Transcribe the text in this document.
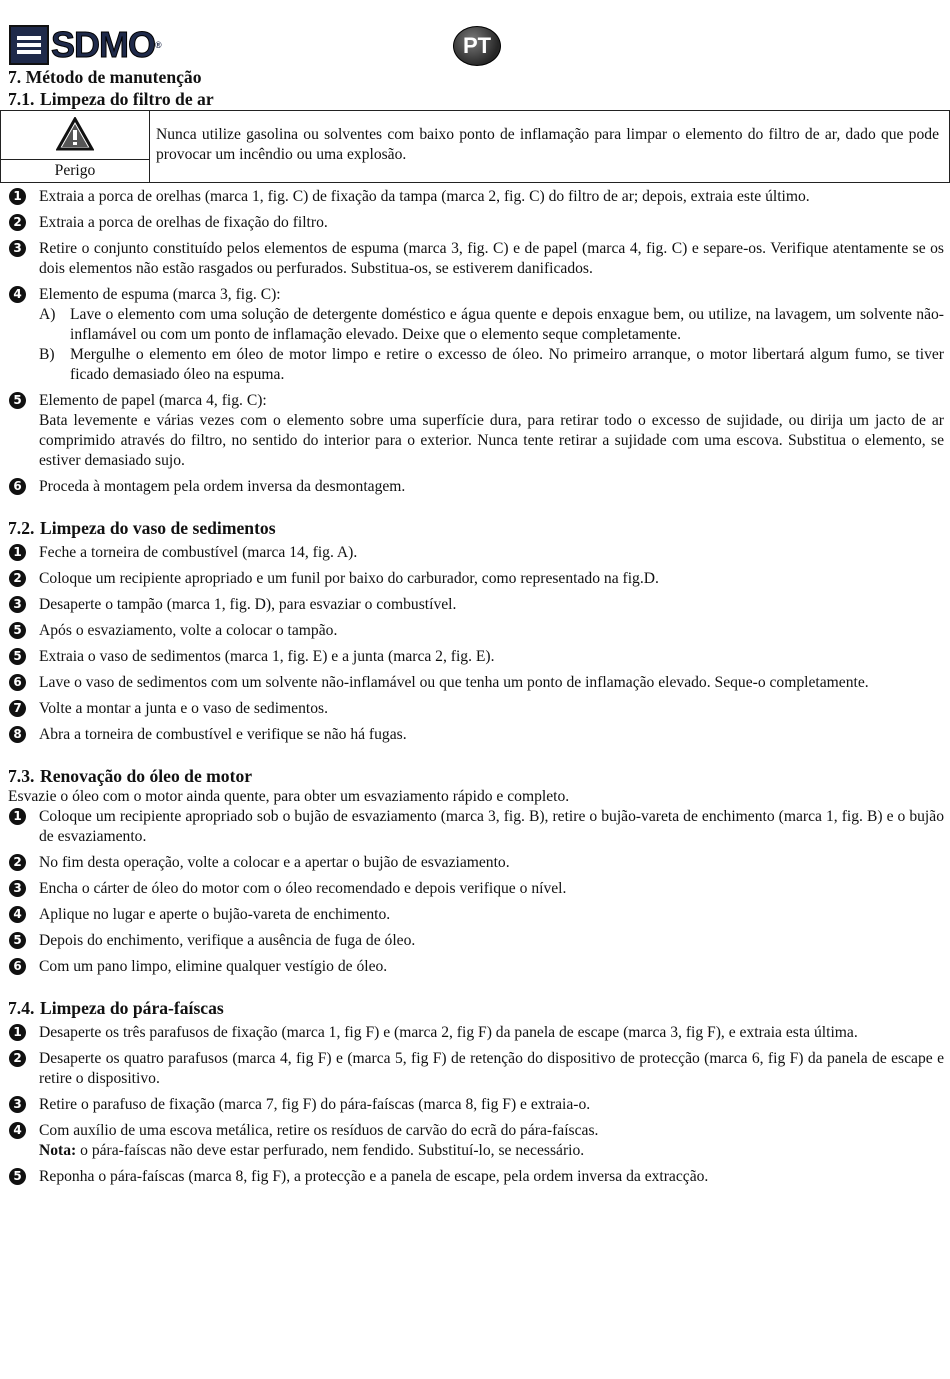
SDMO®	PT
7. Método de manutenção
7.1. Limpeza do filtro de ar
Perigo
Nunca utilize gasolina ou solventes com baixo ponto de inflamação para limpar o elemento do filtro de ar, dado que pode provocar um incêndio ou uma explosão.
1 Extraia a porca de orelhas (marca 1, fig. C) de fixação da tampa (marca 2, fig. C) do filtro de ar; depois, extraia este último.
2 Extraia a porca de orelhas de fixação do filtro.
3 Retire o conjunto constituído pelos elementos de espuma (marca 3, fig. C) e de papel (marca 4, fig. C) e separe-os. Verifique atentamente se os dois elementos não estão rasgados ou perfurados. Substitua-os, se estiverem danificados.
4 Elemento de espuma (marca 3, fig. C):
A) Lave o elemento com uma solução de detergente doméstico e água quente e depois enxague bem, ou utilize, na lavagem, um solvente não-inflamável ou com um ponto de inflamação elevado. Deixe que o elemento seque completamente.
B) Mergulhe o elemento em óleo de motor limpo e retire o excesso de óleo. No primeiro arranque, o motor libertará algum fumo, se tiver ficado demasiado óleo na espuma.
5 Elemento de papel (marca 4, fig. C):
Bata levemente e várias vezes com o elemento sobre uma superfície dura, para retirar todo o excesso de sujidade, ou dirija um jacto de ar comprimido através do filtro, no sentido do interior para o exterior. Nunca tente retirar a sujidade com uma escova. Substitua o elemento, se estiver demasiado sujo.
6 Proceda à montagem pela ordem inversa da desmontagem.
7.2. Limpeza do vaso de sedimentos
1 Feche a torneira de combustível (marca 14, fig. A).
2 Coloque um recipiente apropriado e um funil por baixo do carburador, como representado na fig.D.
3 Desaperte o tampão (marca 1, fig. D), para esvaziar o combustível.
5 Após o esvaziamento, volte a colocar o tampão.
5 Extraia o vaso de sedimentos (marca 1, fig. E) e a junta (marca 2, fig. E).
6 Lave o vaso de sedimentos com um solvente não-inflamável ou que tenha um ponto de inflamação elevado. Seque-o completamente.
7 Volte a montar a junta e o vaso de sedimentos.
8 Abra a torneira de combustível e verifique se não há fugas.
7.3. Renovação do óleo de motor
Esvazie o óleo com o motor ainda quente, para obter um esvaziamento rápido e completo.
1 Coloque um recipiente apropriado sob o bujão de esvaziamento (marca 3, fig. B), retire o bujão-vareta de enchimento (marca 1, fig. B) e o bujão de esvaziamento.
2 No fim desta operação, volte a colocar e a apertar o bujão de esvaziamento.
3 Encha o cárter de óleo do motor com o óleo recomendado e depois verifique o nível.
4 Aplique no lugar e aperte o bujão-vareta de enchimento.
5 Depois do enchimento, verifique a ausência de fuga de óleo.
6 Com um pano limpo, elimine qualquer vestígio de óleo.
7.4. Limpeza do pára-faíscas
1 Desaperte os três parafusos de fixação (marca 1, fig F) e (marca 2, fig F) da panela de escape (marca 3, fig F), e extraia esta última.
2 Desaperte os quatro parafusos (marca 4, fig F) e (marca 5, fig F) de retenção do dispositivo de protecção (marca 6, fig F) da panela de escape e retire o dispositivo.
3 Retire o parafuso de fixação (marca 7, fig F) do pára-faíscas (marca 8, fig F) e extraia-o.
4 Com auxílio de uma escova metálica, retire os resíduos de carvão do ecrã do pára-faíscas.
Nota: o pára-faíscas não deve estar perfurado, nem fendido. Substituí-lo, se necessário.
5 Reponha o pára-faíscas (marca 8, fig F), a protecção e a panela de escape, pela ordem inversa da extracção.
